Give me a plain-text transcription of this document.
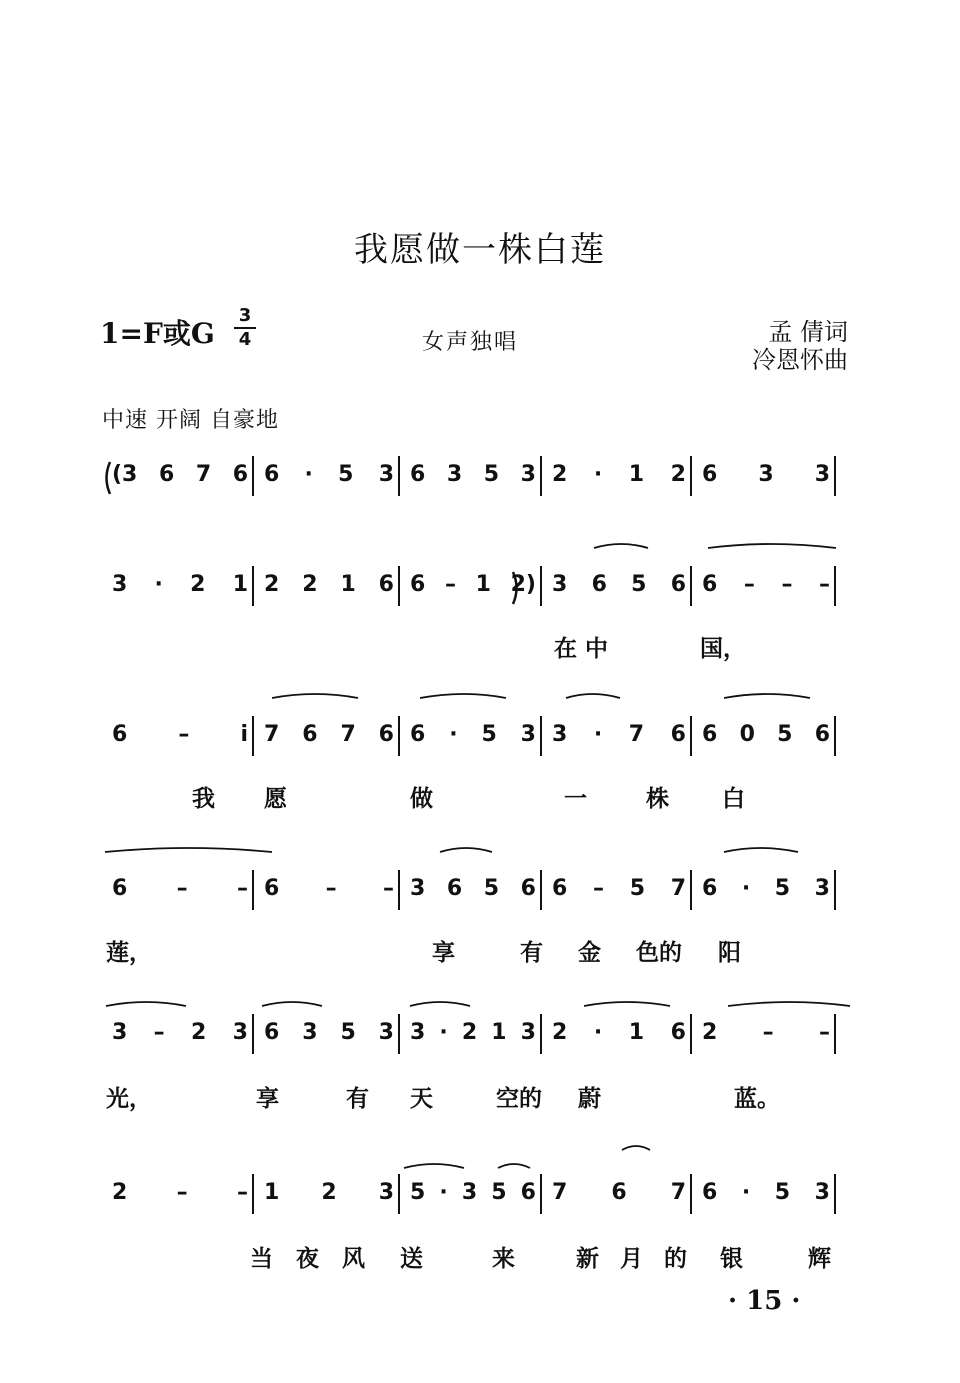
我愿做一株白莲
1=F或G
3
4	女声独唱	孟 倩词
冷恩怀曲
中速 开阔 自豪地
(3 6 7 6 6 · 5 3 6 3 5 3 2 · 1 2 6 3 3
3 · 2 1 2 2 1 6 6 – 1 2) 3 6 5 6 6 – – –
在 中	国，
6 – i 7 6 7 6 6 · 5 3 3 · 7 6 6 0 5 6
我 愿	做	一	株 白
6 – – 6 – – 3 6 5 6 6 – 5 7 6 · 5 3
莲，	享	有 金 色的 阳
3 – 2 3 6 3 5 3 3 · 2 1 3 2 · 1 6 2 – –
光，	享	有 天	空的 蔚	蓝。
2 – – 1 2 3 5 · 3 5 6 7 6 7 6 · 5 3
当 夜 风 送	来	新 月 的 银	辉
· 15 ·
